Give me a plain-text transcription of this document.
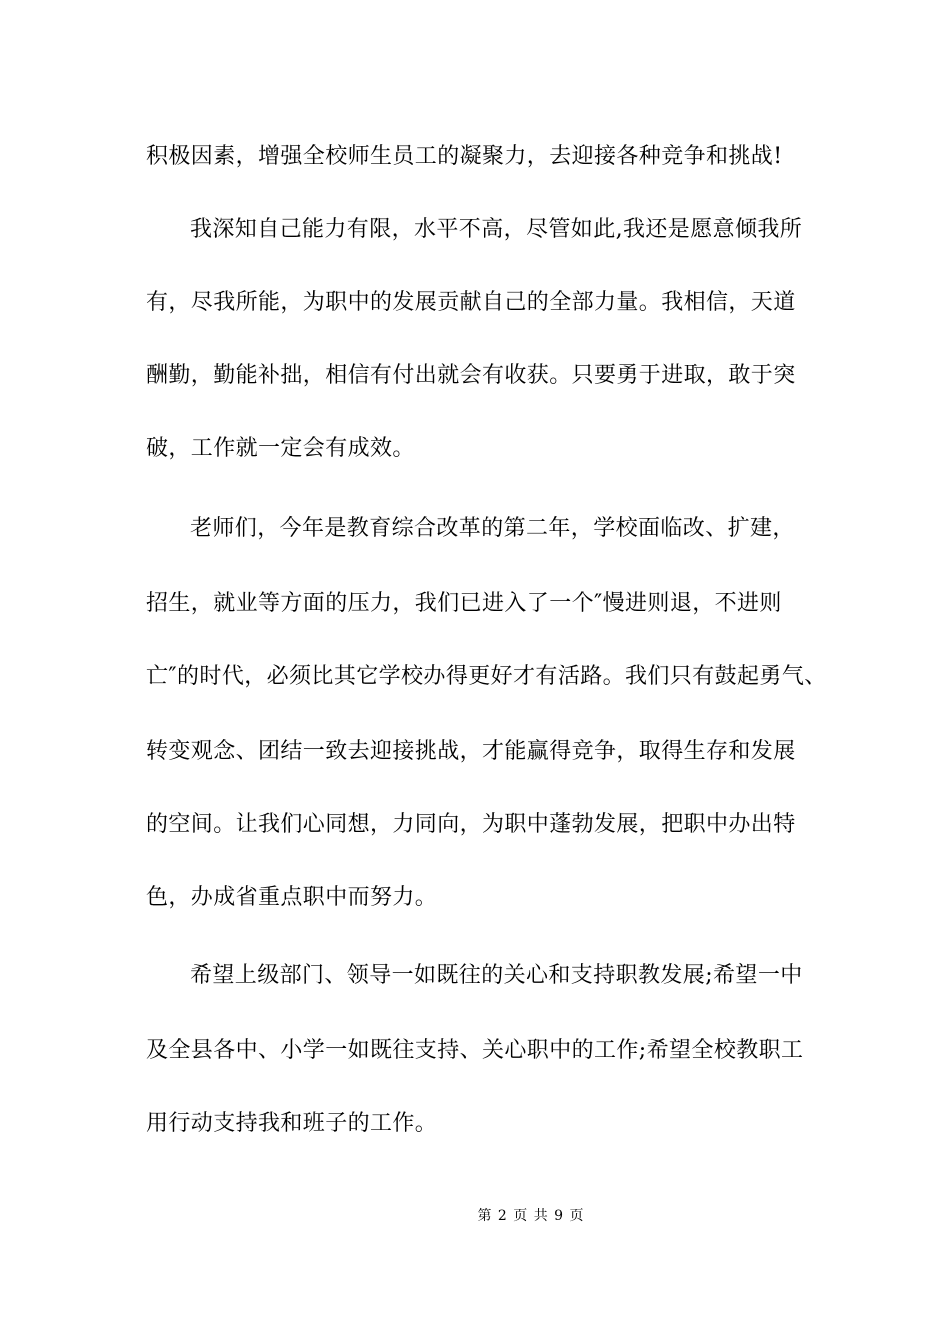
积极因素，增强全校师生员工的凝聚力，去迎接各种竞争和挑战!
我深知自己能力有限，水平不高，尽管如此,我还是愿意倾我所
有，尽我所能，为职中的发展贡献自己的全部力量。我相信，天道
酬勤，勤能补拙，相信有付出就会有收获。只要勇于进取，敢于突
破，工作就一定会有成效。
老师们，今年是教育综合改革的第二年，学校面临改、扩建，
招生，就业等方面的压力，我们已进入了一个″慢进则退，不进则
亡″的时代，必须比其它学校办得更好才有活路。我们只有鼓起勇气、
转变观念、团结一致去迎接挑战，才能赢得竞争，取得生存和发展
的空间。让我们心同想，力同向，为职中蓬勃发展，把职中办出特
色，办成省重点职中而努力。
希望上级部门、领导一如既往的关心和支持职教发展;希望一中
及全县各中、小学一如既往支持、关心职中的工作;希望全校教职工
用行动支持我和班子的工作。
第 2 页 共 9 页
